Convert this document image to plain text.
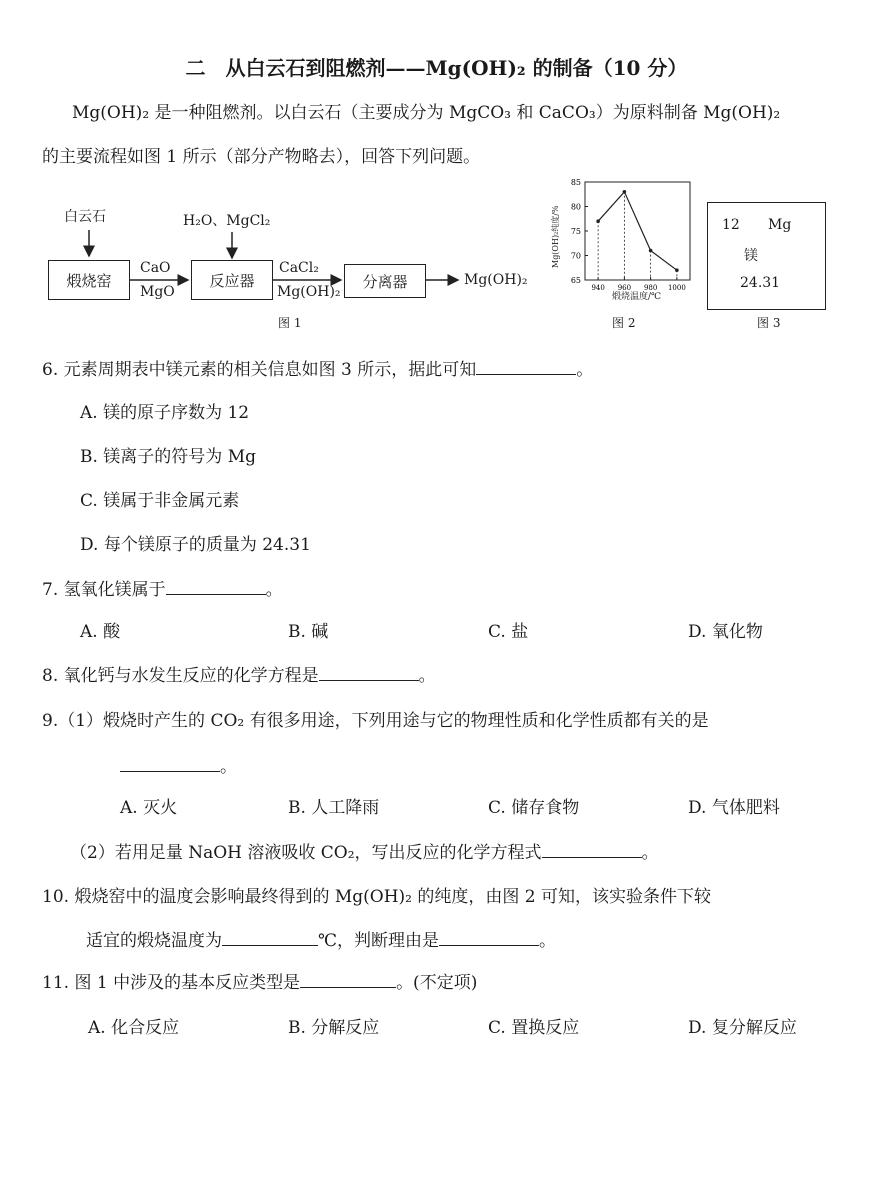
二　从白云石到阻燃剂——Mg(OH)₂ 的制备（10 分）
Mg(OH)₂ 是一种阻燃剂。以白云石（主要成分为 MgCO₃ 和 CaCO₃）为原料制备 Mg(OH)₂
的主要流程如图 1 所示（部分产物略去），回答下列问题。
白云石
煅烧窑
CaO
MgO
H₂O、MgCl₂
反应器
CaCl₂
Mg(OH)₂
分离器	Mg(OH)₂
图 1
65
70
75
80
85
940 960 980 1000
Mg(OH)₂纯度/%
煅烧温度/℃
图 2
12 Mg
镁
24.31
图 3
6. 元素周期表中镁元素的相关信息如图 3 所示，据此可知	。
A. 镁的原子序数为 12
B. 镁离子的符号为 Mg
C. 镁属于非金属元素
D. 每个镁原子的质量为 24.31
7. 氢氧化镁属于	。
A. 酸	B. 碱	C. 盐	D. 氧化物
8. 氧化钙与水发生反应的化学方程是	。
9.（1）煅烧时产生的 CO₂ 有很多用途，下列用途与它的物理性质和化学性质都有关的是
。
A. 灭火	B. 人工降雨	C. 储存食物	D. 气体肥料
（2）若用足量 NaOH 溶液吸收 CO₂，写出反应的化学方程式	。
10. 煅烧窑中的温度会影响最终得到的 Mg(OH)₂ 的纯度，由图 2 可知，该实验条件下较
适宜的煅烧温度为	℃，判断理由是	。
11. 图 1 中涉及的基本反应类型是	。(不定项)
A. 化合反应	B. 分解反应	C. 置换反应	D. 复分解反应
